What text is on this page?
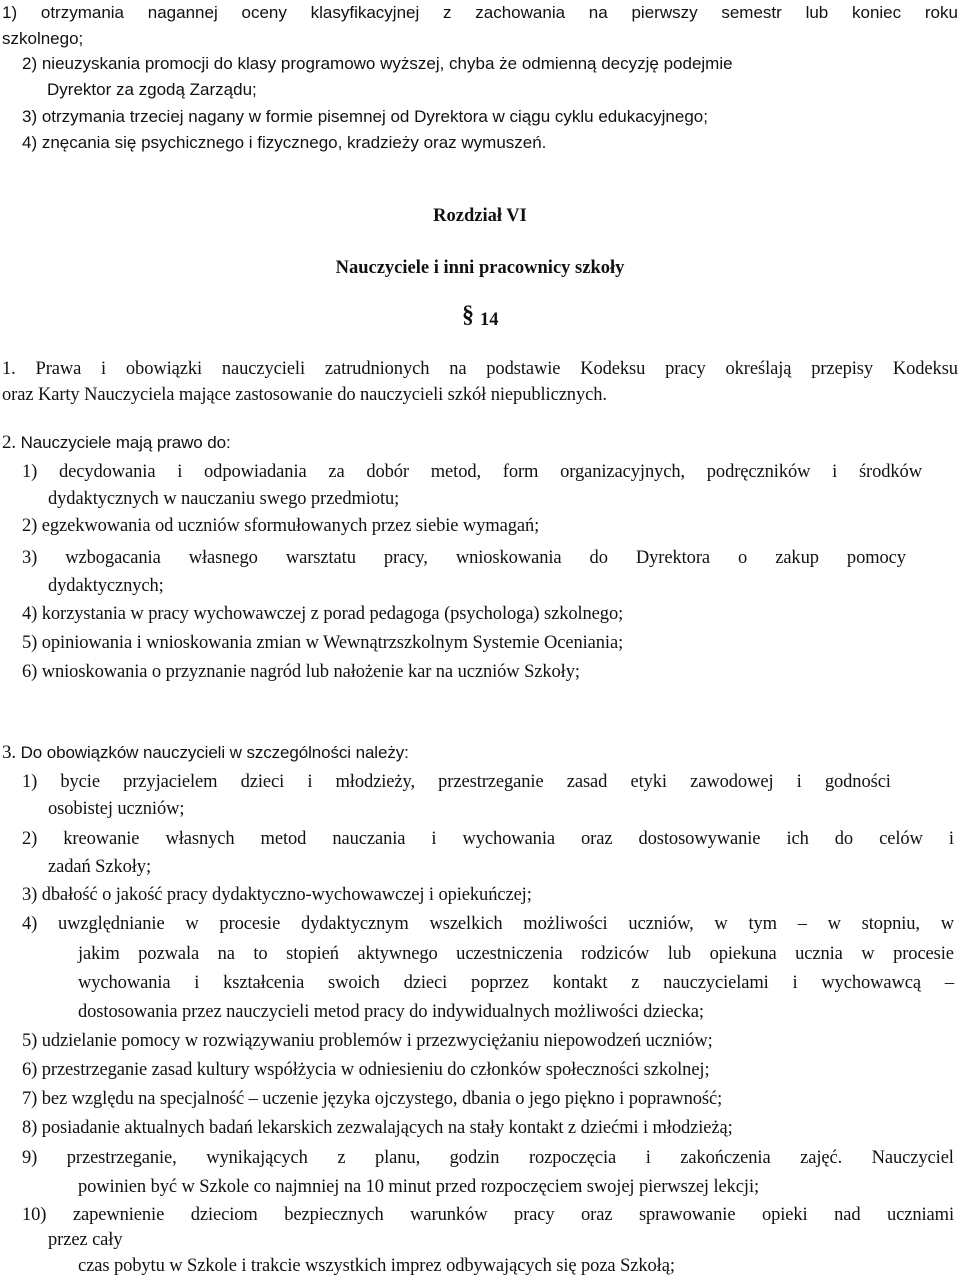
1) otrzymania nagannej oceny klasyfikacyjnej z zachowania na pierwszy semestr lub koniec roku
szkolnego;
2) nieuzyskania promocji do klasy programowo wyższej, chyba że odmienną decyzję podejmie
Dyrektor za zgodą Zarządu;
3) otrzymania trzeciej nagany w formie pisemnej od Dyrektora w ciągu cyklu edukacyjnego;
4) znęcania się psychicznego i fizycznego, kradzieży oraz wymuszeń.
Rozdział VI
Nauczyciele i inni pracownicy szkoły
§ 14
1. Prawa i obowiązki nauczycieli zatrudnionych na podstawie Kodeksu pracy określają przepisy Kodeksu
oraz Karty Nauczyciela mające zastosowanie do nauczycieli szkół niepublicznych.
2. Nauczyciele mają prawo do:
1) decydowania i odpowiadania za dobór metod, form organizacyjnych, podręczników i środków
dydaktycznych w nauczaniu swego przedmiotu;
2) egzekwowania od uczniów sformułowanych przez siebie wymagań;
3) wzbogacania własnego warsztatu pracy, wnioskowania do Dyrektora o zakup pomocy
dydaktycznych;
4) korzystania w pracy wychowawczej z porad pedagoga (psychologa) szkolnego;
5) opiniowania i wnioskowania zmian w Wewnątrzszkolnym Systemie Oceniania;
6) wnioskowania o przyznanie nagród lub nałożenie kar na uczniów Szkoły;
3. Do obowiązków nauczycieli w szczególności należy:
1) bycie przyjacielem dzieci i młodzieży, przestrzeganie zasad etyki zawodowej i godności
osobistej uczniów;
2) kreowanie własnych metod nauczania i wychowania oraz dostosowywanie ich do celów i
zadań Szkoły;
3) dbałość o jakość pracy dydaktyczno-wychowawczej i opiekuńczej;
4) uwzględnianie w procesie dydaktycznym wszelkich możliwości uczniów, w tym – w stopniu, w
jakim pozwala na to stopień aktywnego uczestniczenia rodziców lub opiekuna ucznia w procesie
wychowania i kształcenia swoich dzieci poprzez kontakt z nauczycielami i wychowawcą –
dostosowania przez nauczycieli metod pracy do indywidualnych możliwości dziecka;
5) udzielanie pomocy w rozwiązywaniu problemów i przezwyciężaniu niepowodzeń uczniów;
6) przestrzeganie zasad kultury współżycia w odniesieniu do członków społeczności szkolnej;
7) bez względu na specjalność – uczenie języka ojczystego, dbania o jego piękno i poprawność;
8) posiadanie aktualnych badań lekarskich zezwalających na stały kontakt z dziećmi i młodzieżą;
9) przestrzeganie, wynikających z planu, godzin rozpoczęcia i zakończenia zajęć. Nauczyciel
powinien być w Szkole co najmniej na 10 minut przed rozpoczęciem swojej pierwszej lekcji;
10) zapewnienie dzieciom bezpiecznych warunków pracy oraz sprawowanie opieki nad uczniami
przez cały
czas pobytu w Szkole i trakcie wszystkich imprez odbywających się poza Szkołą;
